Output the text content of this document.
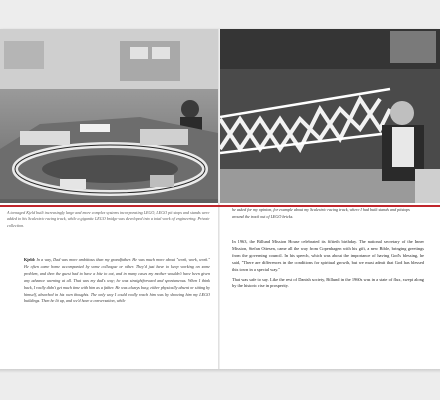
A teenaged Kjeld built increasingly large and more complex systems incorporating LEGO, LEGO pit stops and stands were added to his Scalextric racing track, while a gigantic LEGO bridge was developed into a total work of engineering. Private collection.
Kjeld: In a way, Dad was more ambitious than my grandfather. He was much more about "work, work, work." He often came home accompanied by some colleague or other. They'd just have to keep working on some problem, and then the guest had to have a bite to eat, and in many cases my mother wouldn't have been given any advance warning at all. That was my dad's way; he was straightforward and spontaneous. When I think back, I really didn't get much time with him as a father. He was always busy, either physically absent or sitting by himself, absorbed in his own thoughts. The only way I could really reach him was by showing him my LEGO buildings. Then he lit up, and we'd have a conversation, while
he asked for my opinion, for example about my Scalextric racing track, where I had built stands and pitstops around the track out of LEGO bricks.

In 1963, the Billund Mission House celebrated its fiftieth birthday. The national secretary of the Inner Mission, Stefan Ottesen, came all the way from Copenhagen with his gift, a new Bible, bringing greetings from the governing council. In his speech, which was about the importance of having God's blessing, he said, "There are differences in the conditions for spiritual growth, but we must admit that God has blessed this town in a special way."

That was safe to say. Like the rest of Danish society, Billund in the 1960s was in a state of flux, swept along by the historic rise in prosperity.
